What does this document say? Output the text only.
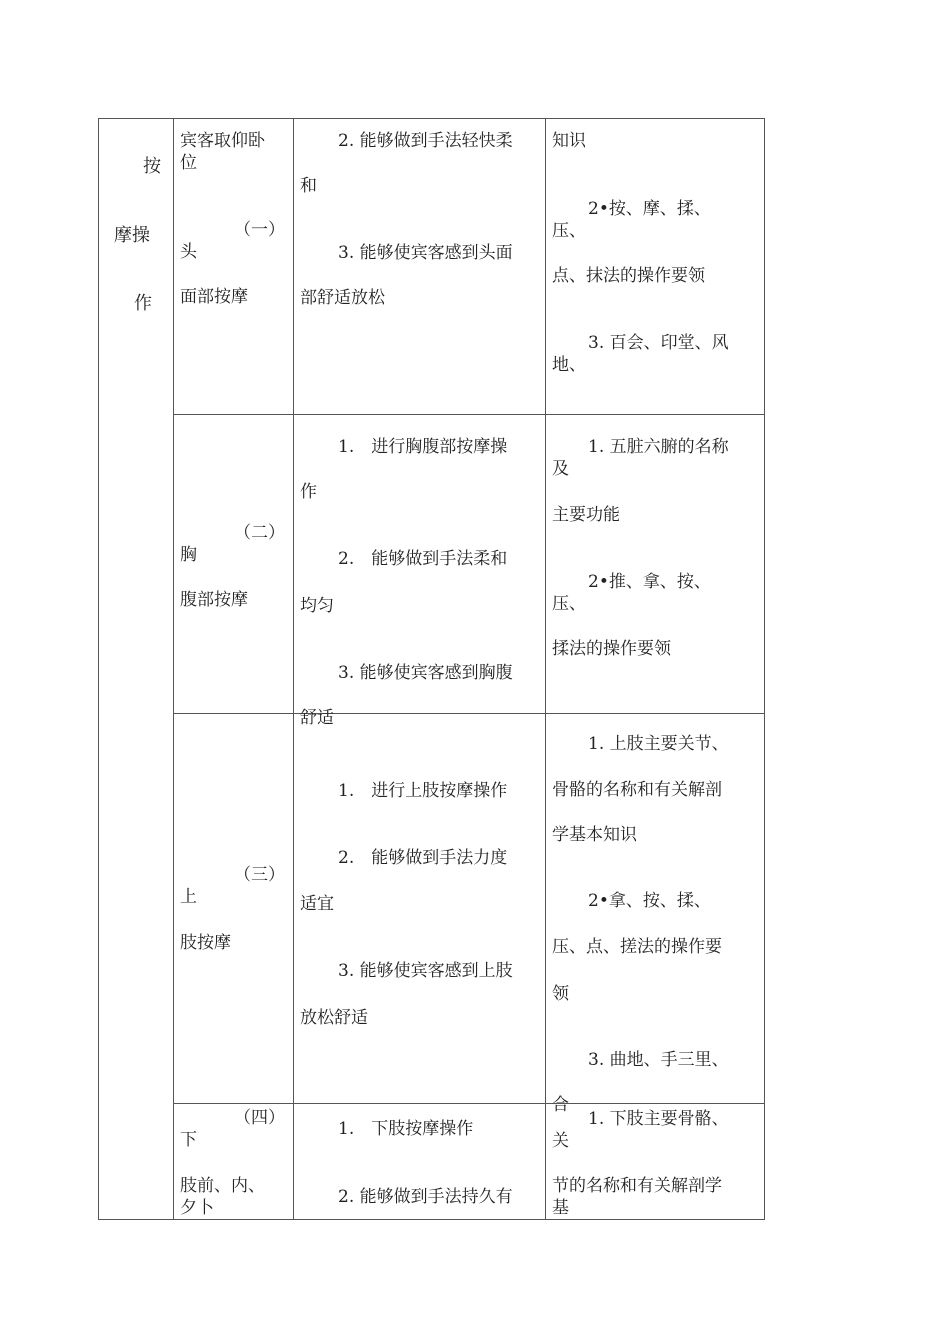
按
摩操
作
宾客取仰卧
位
（一）
头
面部按摩
2. 能够做到手法轻快柔
和
3. 能够使宾客感到头面
部舒适放松
知识
2•按、摩、揉、
压、
点、抹法的操作要领
3. 百会、印堂、风
地、
（二）
胸
腹部按摩
1.　进行胸腹部按摩操
作
2.　能够做到手法柔和
均匀
3. 能够使宾客感到胸腹
舒适
1. 五脏六腑的名称
及
主要功能
2•推、拿、按、
压、
揉法的操作要领
（三）
上
肢按摩
1.　进行上肢按摩操作
2.　能够做到手法力度
适宜
3. 能够使宾客感到上肢
放松舒适
1. 上肢主要关节、
骨骼的名称和有关解剖
学基本知识
2•拿、按、揉、
压、点、搓法的操作要
领
3. 曲地、手三里、
合
（四）
下
肢前、内、
夕卜
1.　下肢按摩操作
2. 能够做到手法持久有
1. 下肢主要骨骼、
关
节的名称和有关解剖学
基
